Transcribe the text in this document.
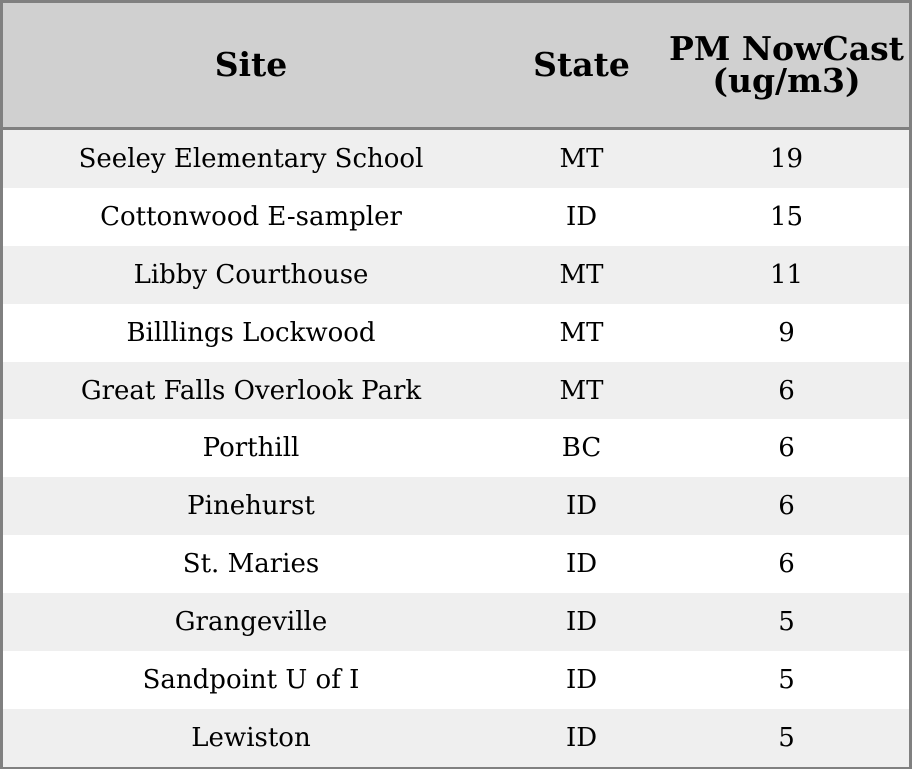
Site	State	PM NowCast (ug/m3)
Seeley Elementary School	MT	19
Cottonwood E-sampler	ID	15
Libby Courthouse	MT	11
Billlings Lockwood	MT	9
Great Falls Overlook Park	MT	6
Porthill	BC	6
Pinehurst	ID	6
St. Maries	ID	6
Grangeville	ID	5
Sandpoint U of I	ID	5
Lewiston	ID	5
